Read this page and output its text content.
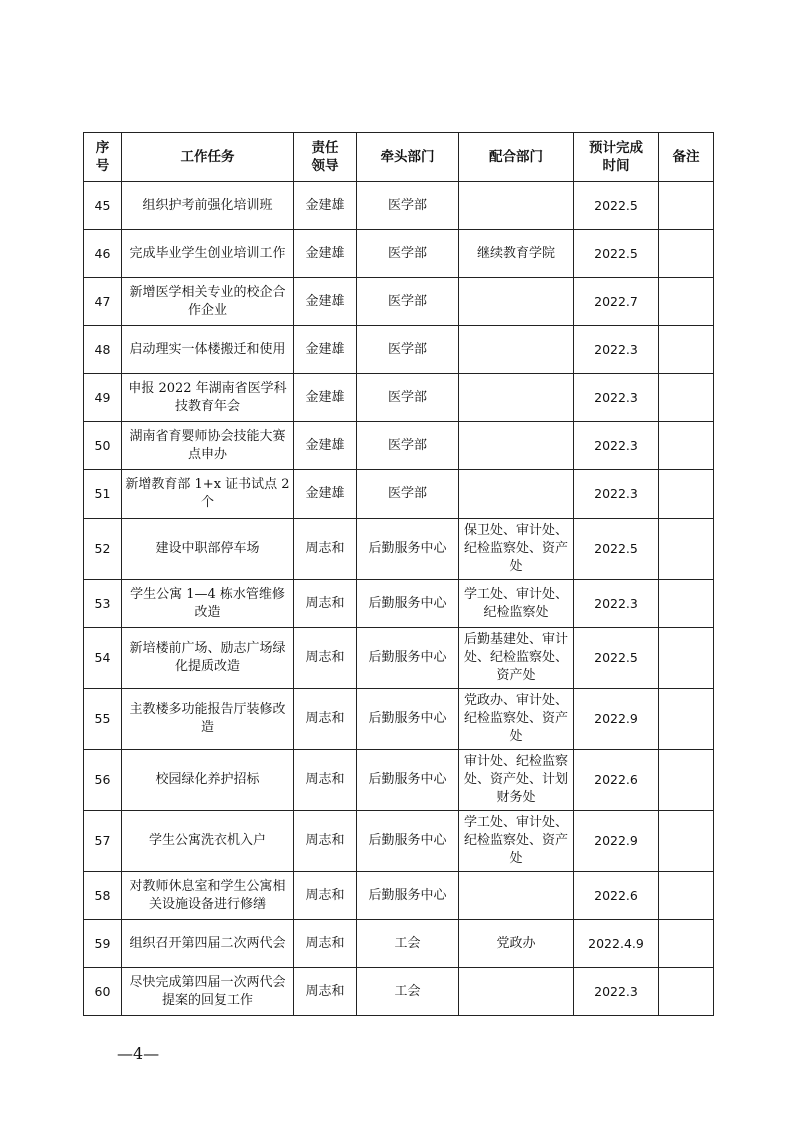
序号	工作任务	责任领导	牵头部门	配合部门	预计完成时间	备注
45	组织护考前强化培训班	金建雄	医学部		2022.5	
46	完成毕业学生创业培训工作	金建雄	医学部	继续教育学院	2022.5	
47	新增医学相关专业的校企合作企业	金建雄	医学部		2022.7	
48	启动理实一体楼搬迁和使用	金建雄	医学部		2022.3	
49	申报 2022 年湖南省医学科技教育年会	金建雄	医学部		2022.3	
50	湖南省育婴师协会技能大赛点申办	金建雄	医学部		2022.3	
51	新增教育部 1+x 证书试点 2 个	金建雄	医学部		2022.3	
52	建设中职部停车场	周志和	后勤服务中心	保卫处、审计处、纪检监察处、资产处	2022.5	
53	学生公寓 1—4 栋水管维修改造	周志和	后勤服务中心	学工处、审计处、纪检监察处	2022.3	
54	新培楼前广场、励志广场绿化提质改造	周志和	后勤服务中心	后勤基建处、审计处、纪检监察处、资产处	2022.5	
55	主教楼多功能报告厅装修改造	周志和	后勤服务中心	党政办、审计处、纪检监察处、资产处	2022.9	
56	校园绿化养护招标	周志和	后勤服务中心	审计处、纪检监察处、资产处、计划财务处	2022.6	
57	学生公寓洗衣机入户	周志和	后勤服务中心	学工处、审计处、纪检监察处、资产处	2022.9	
58	对教师休息室和学生公寓相关设施设备进行修缮	周志和	后勤服务中心		2022.6	
59	组织召开第四届二次两代会	周志和	工会	党政办	2022.4.9	
60	尽快完成第四届一次两代会提案的回复工作	周志和	工会		2022.3	
—4—
